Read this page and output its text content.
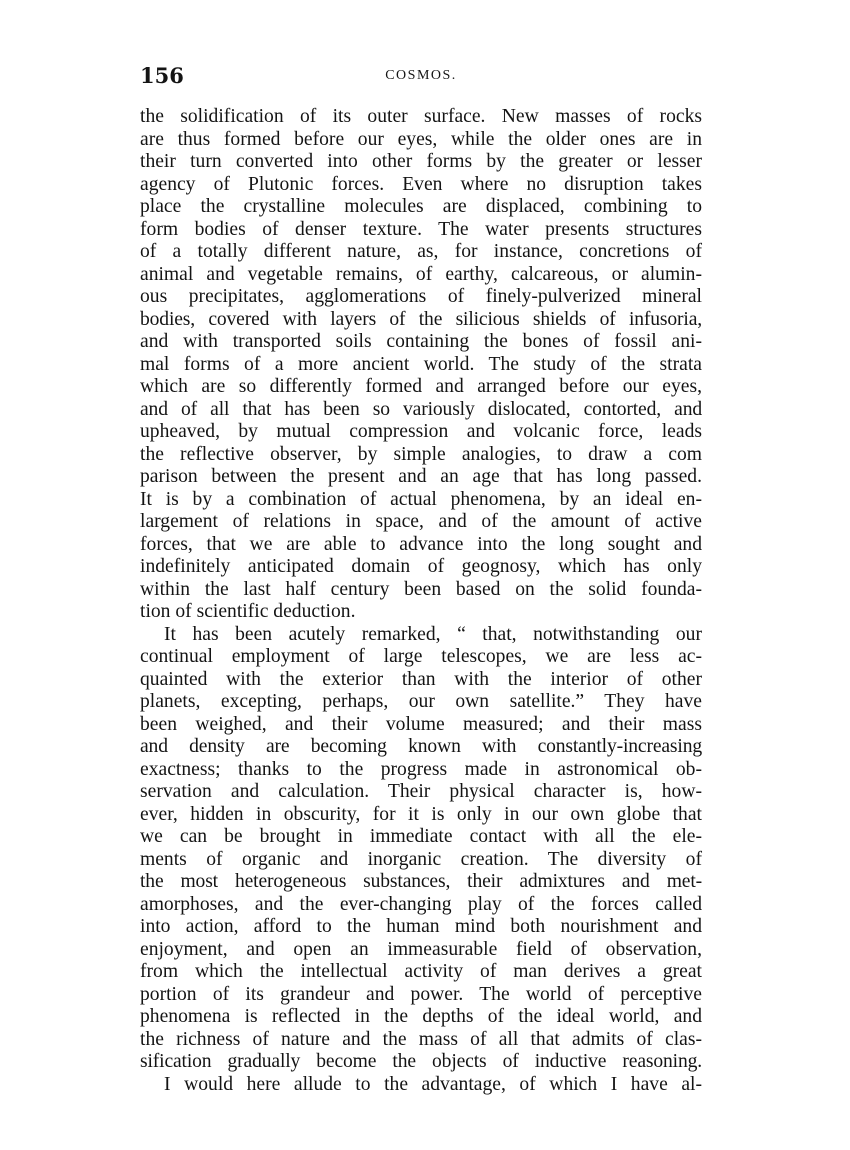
156	COSMOS.
the solidification of its outer surface. New masses of rocks
are thus formed before our eyes, while the older ones are in
their turn converted into other forms by the greater or lesser
agency of Plutonic forces. Even where no disruption takes
place the crystalline molecules are displaced, combining to
form bodies of denser texture. The water presents structures
of a totally different nature, as, for instance, concretions of
animal and vegetable remains, of earthy, calcareous, or alumin-
ous precipitates, agglomerations of finely-pulverized mineral
bodies, covered with layers of the silicious shields of infusoria,
and with transported soils containing the bones of fossil ani-
mal forms of a more ancient world. The study of the strata
which are so differently formed and arranged before our eyes,
and of all that has been so variously dislocated, contorted, and
upheaved, by mutual compression and volcanic force, leads
the reflective observer, by simple analogies, to draw a com
parison between the present and an age that has long passed.
It is by a combination of actual phenomena, by an ideal en-
largement of relations in space, and of the amount of active
forces, that we are able to advance into the long sought and
indefinitely anticipated domain of geognosy, which has only
within the last half century been based on the solid founda-
tion of scientific deduction.
It has been acutely remarked, “ that, notwithstanding our
continual employment of large telescopes, we are less ac-
quainted with the exterior than with the interior of other
planets, excepting, perhaps, our own satellite.” They have
been weighed, and their volume measured; and their mass
and density are becoming known with constantly-increasing
exactness; thanks to the progress made in astronomical ob-
servation and calculation. Their physical character is, how-
ever, hidden in obscurity, for it is only in our own globe that
we can be brought in immediate contact with all the ele-
ments of organic and inorganic creation. The diversity of
the most heterogeneous substances, their admixtures and met-
amorphoses, and the ever-changing play of the forces called
into action, afford to the human mind both nourishment and
enjoyment, and open an immeasurable field of observation,
from which the intellectual activity of man derives a great
portion of its grandeur and power. The world of perceptive
phenomena is reflected in the depths of the ideal world, and
the richness of nature and the mass of all that admits of clas-
sification gradually become the objects of inductive reasoning.
I would here allude to the advantage, of which I have al-
